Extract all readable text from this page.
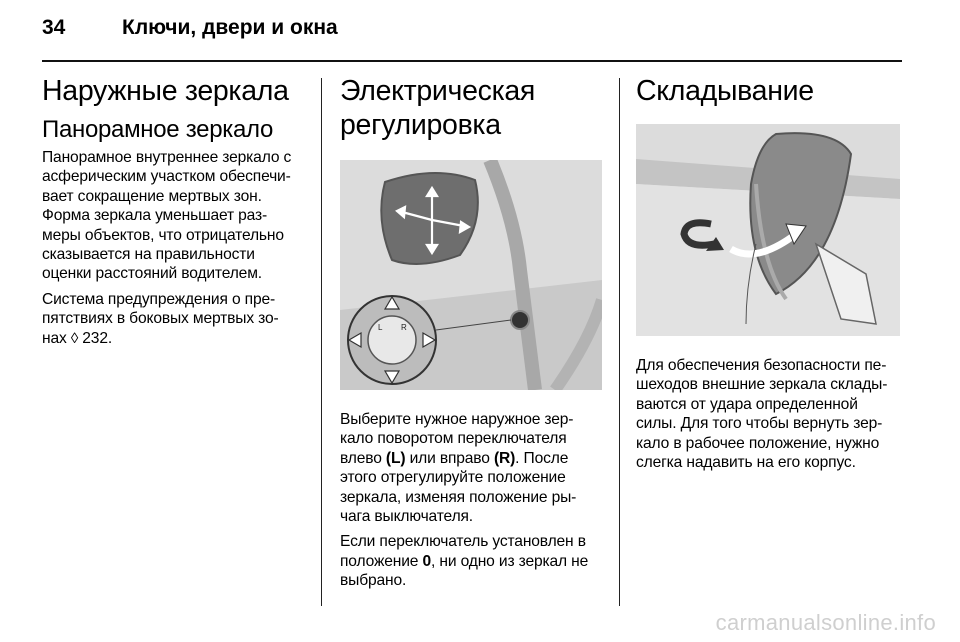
34	Ключи, двери и окна
Наружные зеркала
Панорамное зеркало

Панорамное внутреннее зеркало с
асферическим участком обеспечи-
вает сокращение мертвых зон.
Форма зеркала уменьшает раз-
меры объектов, что отрицательно
сказывается на правильности
оценки расстояний водителем.

Система предупреждения о пре-
пятствиях в боковых мертвых зо-
нах ◊ 232.

Электрическая
регулировка
L R

Выберите нужное наружное зер-
кало поворотом переключателя
влево (L) или вправо (R). После
этого отрегулируйте положение
зеркала, изменяя положение ры-
чага выключателя.

Если переключатель установлен в
положение 0, ни одно из зеркал не
выбрано.

Складывание

Для обеспечения безопасности пе-
шеходов внешние зеркала склады-
ваются от удара определенной
силы. Для того чтобы вернуть зер-
кало в рабочее положение, нужно
слегка надавить на его корпус.

carmanualsonline.info
